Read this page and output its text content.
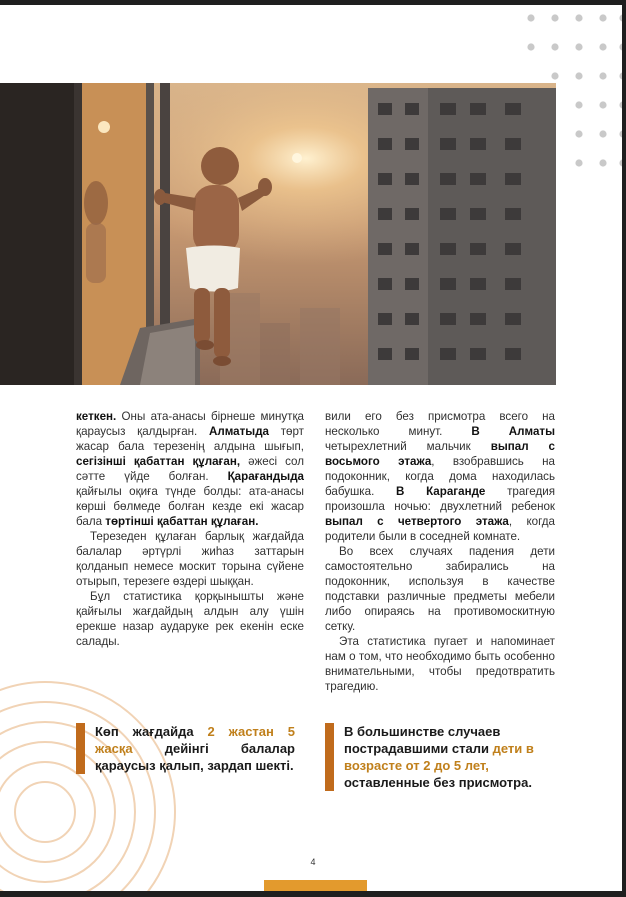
кеткен. Оны ата-анасы бірнеше минутқа қараусыз қалдырған. Алматыда төрт жасар бала терезенің алдына шығып, сегізінші қабаттан құлаған, әжесі сол сәтте үйде болған. Қарағандыда қайғылы оқиға түнде болды: ата-анасы көрші бөлмеде болған кезде екі жасар бала төртінші қабаттан құлаған.

Терезеден құлаған барлық жағдайда балалар әртүрлі жиһаз заттарын қолданып немесе москит торына сүйене отырып, терезеге өздері шыққан.

Бұл статистика қорқынышты және қайғылы жағдайдың алдын алу үшін ерекше назар аударуке рек екенін еске салады.

вили его без присмотра всего на несколько минут. В Алматы четырехлетний мальчик выпал с восьмого этажа, взобравшись на подоконник, когда дома находилась бабушка. В Караганде трагедия произошла ночью: двухлетний ребенок выпал с четвертого этажа, когда родители были в соседней комнате.

Во всех случаях падения дети самостоятельно забирались на подоконник, используя в качестве подставки различные предметы мебели либо опираясь на противомоскитную сетку.

Эта статистика пугает и напоминает нам о том, что необходимо быть особенно внимательными, чтобы предотвратить трагедию.

Көп жағдайда 2 жастан 5 жасқа дейінгі балалар қараусыз қалып, зардап шекті.
В большинстве случаев пострадавшими стали дети в возрасте от 2 до 5 лет, оставленные без присмотра.
4
